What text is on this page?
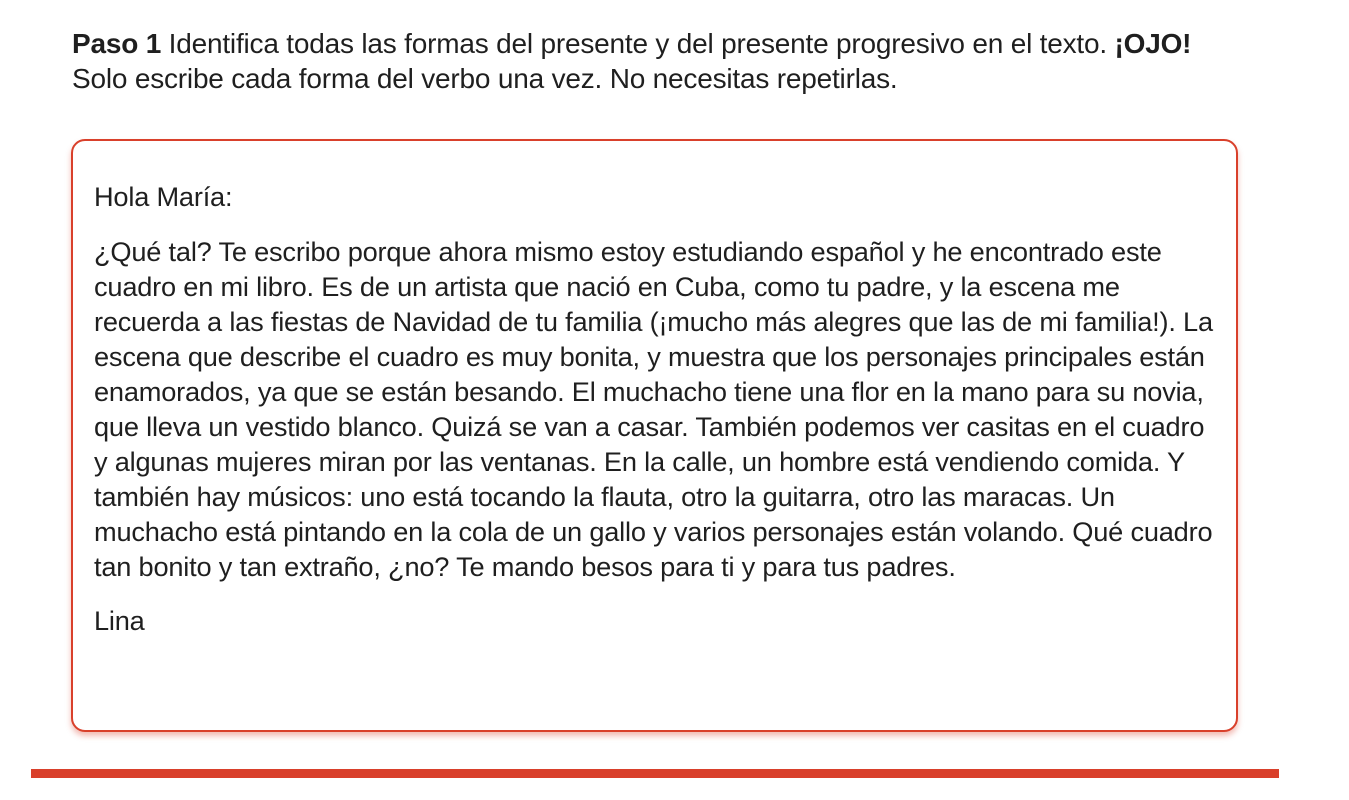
Paso 1 Identifica todas las formas del presente y del presente progresivo en el texto. ¡OJO! Solo escribe cada forma del verbo una vez. No necesitas repetirlas.

Hola María:

¿Qué tal? Te escribo porque ahora mismo estoy estudiando español y he encontrado este cuadro en mi libro. Es de un artista que nació en Cuba, como tu padre, y la escena me recuerda a las fiestas de Navidad de tu familia (¡mucho más alegres que las de mi familia!). La escena que describe el cuadro es muy bonita, y muestra que los personajes principales están enamorados, ya que se están besando. El muchacho tiene una flor en la mano para su novia, que lleva un vestido blanco. Quizá se van a casar. También podemos ver casitas en el cuadro y algunas mujeres miran por las ventanas. En la calle, un hombre está vendiendo comida. Y también hay músicos: uno está tocando la flauta, otro la guitarra, otro las maracas. Un muchacho está pintando en la cola de un gallo y varios personajes están volando. Qué cuadro tan bonito y tan extraño, ¿no? Te mando besos para ti y para tus padres.

Lina
